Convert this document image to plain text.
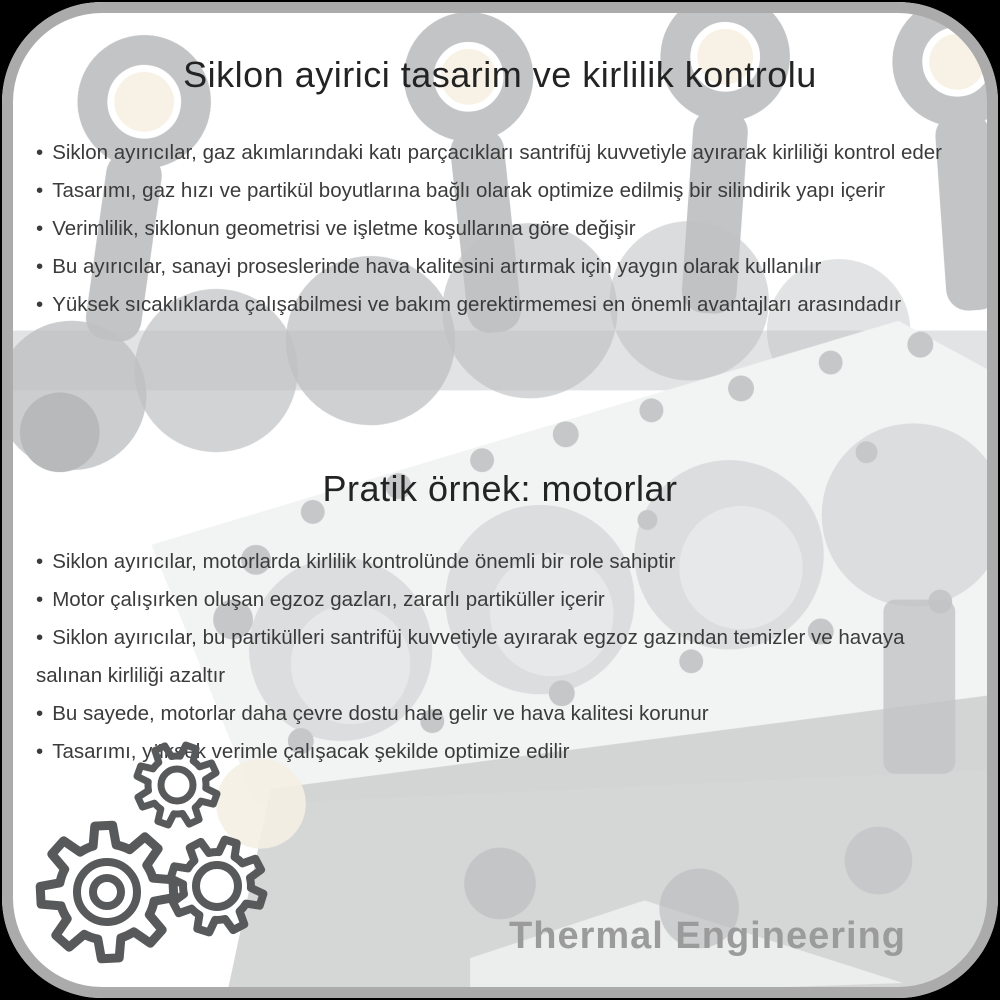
Siklon ayirici tasarim ve kirlilik kontrolu

• Siklon ayırıcılar, gaz akımlarındaki katı parçacıkları santrifüj kuvvetiyle ayırarak kirliliği kontrol eder

• Tasarımı, gaz hızı ve partikül boyutlarına bağlı olarak optimize edilmiş bir silindirik yapı içerir

• Verimlilik, siklonun geometrisi ve işletme koşullarına göre değişir

• Bu ayırıcılar, sanayi proseslerinde hava kalitesini artırmak için yaygın olarak kullanılır

• Yüksek sıcaklıklarda çalışabilmesi ve bakım gerektirmemesi en önemli avantajları arasındadır

Pratik örnek: motorlar

• Siklon ayırıcılar, motorlarda kirlilik kontrolünde önemli bir role sahiptir

• Motor çalışırken oluşan egzoz gazları, zararlı partiküller içerir

• Siklon ayırıcılar, bu partikülleri santrifüj kuvvetiyle ayırarak egzoz gazından temizler ve havaya salınan kirliliği azaltır

• Bu sayede, motorlar daha çevre dostu hale gelir ve hava kalitesi korunur

• Tasarımı, yüksek verimle çalışacak şekilde optimize edilir

Thermal Engineering
